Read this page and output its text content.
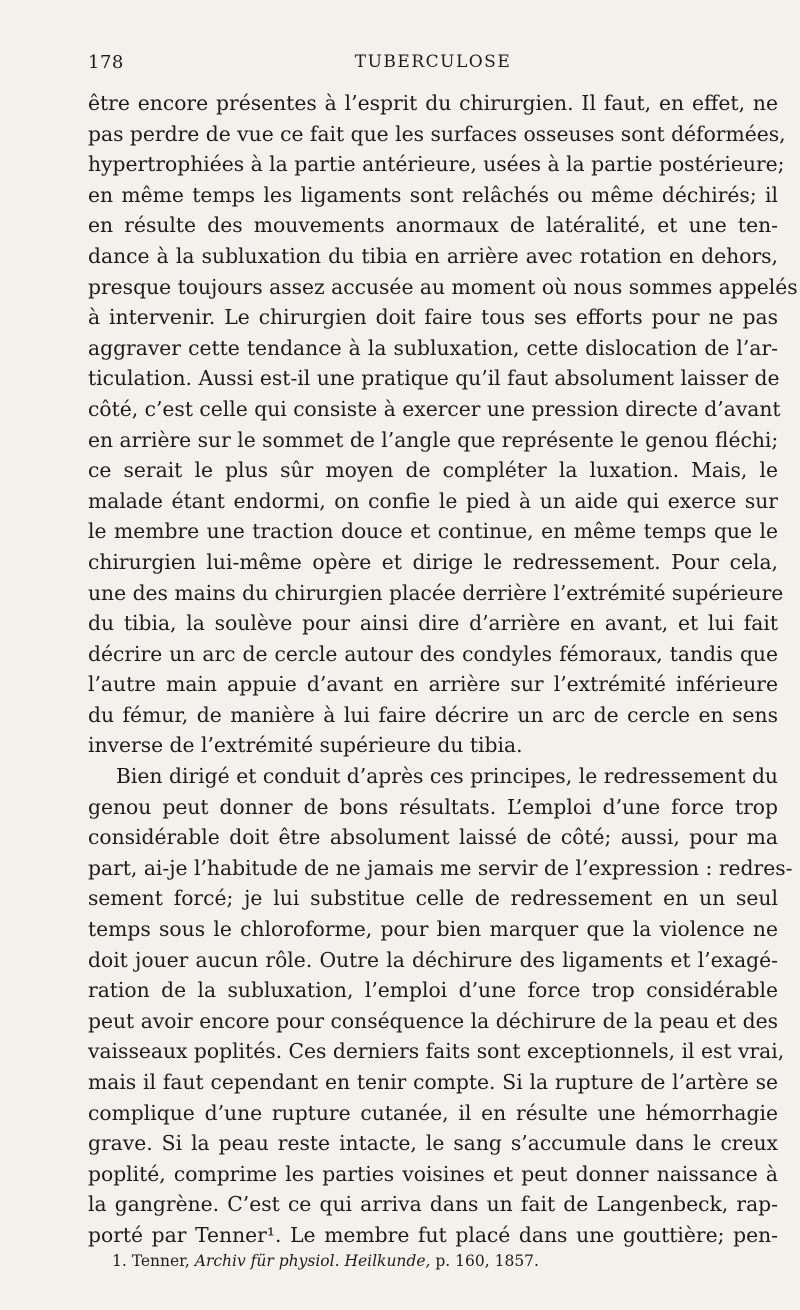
178	TUBERCULOSE
être encore présentes à l’esprit du chirurgien. Il faut, en effet, ne
pas perdre de vue ce fait que les surfaces osseuses sont déformées,
hypertrophiées à la partie antérieure, usées à la partie postérieure;
en même temps les ligaments sont relâchés ou même déchirés; il
en résulte des mouvements anormaux de latéralité, et une ten-
dance à la subluxation du tibia en arrière avec rotation en dehors,
presque toujours assez accusée au moment où nous sommes appelés
à intervenir. Le chirurgien doit faire tous ses efforts pour ne pas
aggraver cette tendance à la subluxation, cette dislocation de l’ar-
ticulation. Aussi est-il une pratique qu’il faut absolument laisser de
côté, c’est celle qui consiste à exercer une pression directe d’avant
en arrière sur le sommet de l’angle que représente le genou fléchi;
ce serait le plus sûr moyen de compléter la luxation. Mais, le
malade étant endormi, on confie le pied à un aide qui exerce sur
le membre une traction douce et continue, en même temps que le
chirurgien lui-même opère et dirige le redressement. Pour cela,
une des mains du chirurgien placée derrière l’extrémité supérieure
du tibia, la soulève pour ainsi dire d’arrière en avant, et lui fait
décrire un arc de cercle autour des condyles fémoraux, tandis que
l’autre main appuie d’avant en arrière sur l’extrémité inférieure
du fémur, de manière à lui faire décrire un arc de cercle en sens
inverse de l’extrémité supérieure du tibia.
Bien dirigé et conduit d’après ces principes, le redressement du
genou peut donner de bons résultats. L’emploi d’une force trop
considérable doit être absolument laissé de côté; aussi, pour ma
part, ai-je l’habitude de ne jamais me servir de l’expression : redres-
sement forcé; je lui substitue celle de redressement en un seul
temps sous le chloroforme, pour bien marquer que la violence ne
doit jouer aucun rôle. Outre la déchirure des ligaments et l’exagé-
ration de la subluxation, l’emploi d’une force trop considérable
peut avoir encore pour conséquence la déchirure de la peau et des
vaisseaux poplités. Ces derniers faits sont exceptionnels, il est vrai,
mais il faut cependant en tenir compte. Si la rupture de l’artère se
complique d’une rupture cutanée, il en résulte une hémorrhagie
grave. Si la peau reste intacte, le sang s’accumule dans le creux
poplité, comprime les parties voisines et peut donner naissance à
la gangrène. C’est ce qui arriva dans un fait de Langenbeck, rap-
porté par Tenner¹. Le membre fut placé dans une gouttière; pen-
1. Tenner, Archiv für physiol. Heilkunde, p. 160, 1857.
